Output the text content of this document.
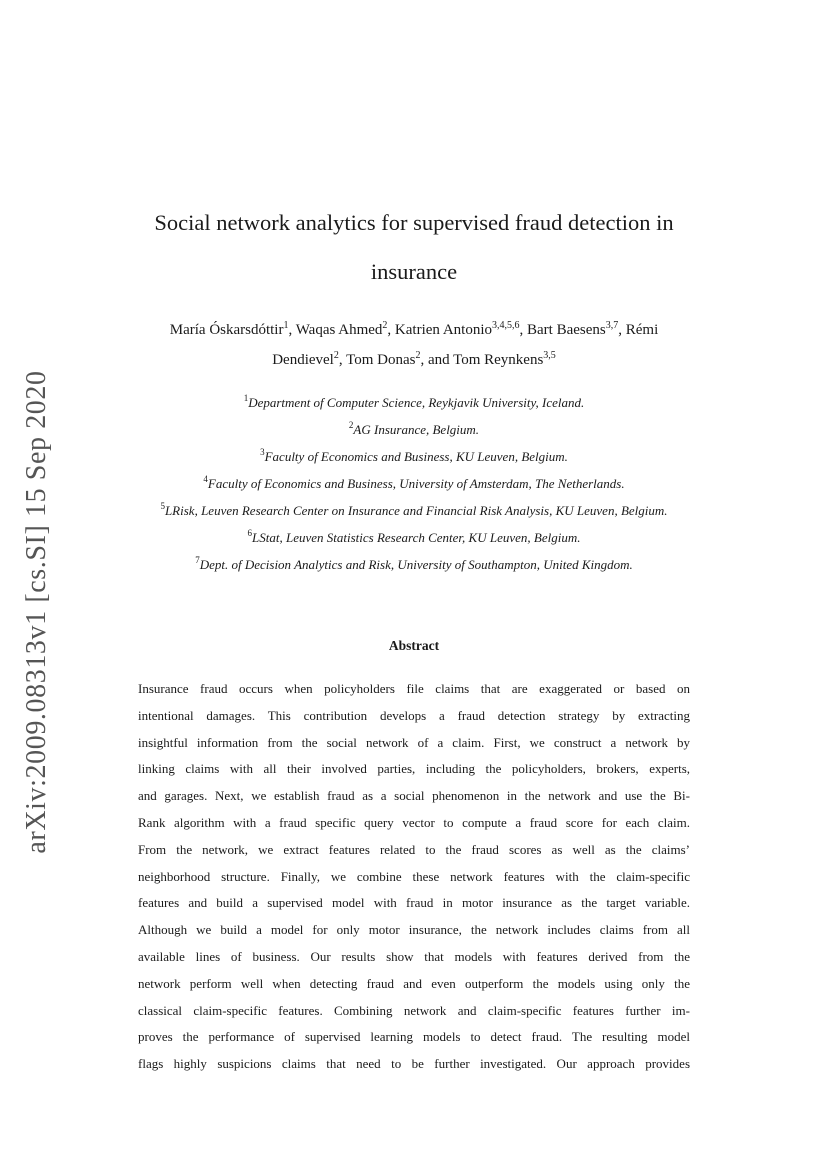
arXiv:2009.08313v1 [cs.SI] 15 Sep 2020
Social network analytics for supervised fraud detection in
insurance
María Óskarsdóttir$^1$, Waqas Ahmed$^2$, Katrien Antonio$^{3,4,5,6}$, Bart Baesens$^{3,7}$, Rémi
Dendievel$^2$, Tom Donas$^2$, and Tom Reynkens$^{3,5}$

$^1$Department of Computer Science, Reykjavik University, Iceland.

$^2$AG Insurance, Belgium.

$^3$Faculty of Economics and Business, KU Leuven, Belgium.

$^4$Faculty of Economics and Business, University of Amsterdam, The Netherlands.

$^5$LRisk, Leuven Research Center on Insurance and Financial Risk Analysis, KU Leuven, Belgium.

$^6$LStat, Leuven Statistics Research Center, KU Leuven, Belgium.

$^7$Dept. of Decision Analytics and Risk, University of Southampton, United Kingdom.

Abstract

Insurance fraud occurs when policyholders file claims that are exaggerated or based on

intentional damages. This contribution develops a fraud detection strategy by extracting

insightful information from the social network of a claim. First, we construct a network by

linking claims with all their involved parties, including the policyholders, brokers, experts,

and garages. Next, we establish fraud as a social phenomenon in the network and use the Bi-

Rank algorithm with a fraud specific query vector to compute a fraud score for each claim.

From the network, we extract features related to the fraud scores as well as the claims’

neighborhood structure. Finally, we combine these network features with the claim-specific

features and build a supervised model with fraud in motor insurance as the target variable.

Although we build a model for only motor insurance, the network includes claims from all

available lines of business. Our results show that models with features derived from the

network perform well when detecting fraud and even outperform the models using only the

classical claim-specific features. Combining network and claim-specific features further im-

proves the performance of supervised learning models to detect fraud. The resulting model

flags highly suspicions claims that need to be further investigated. Our approach provides
